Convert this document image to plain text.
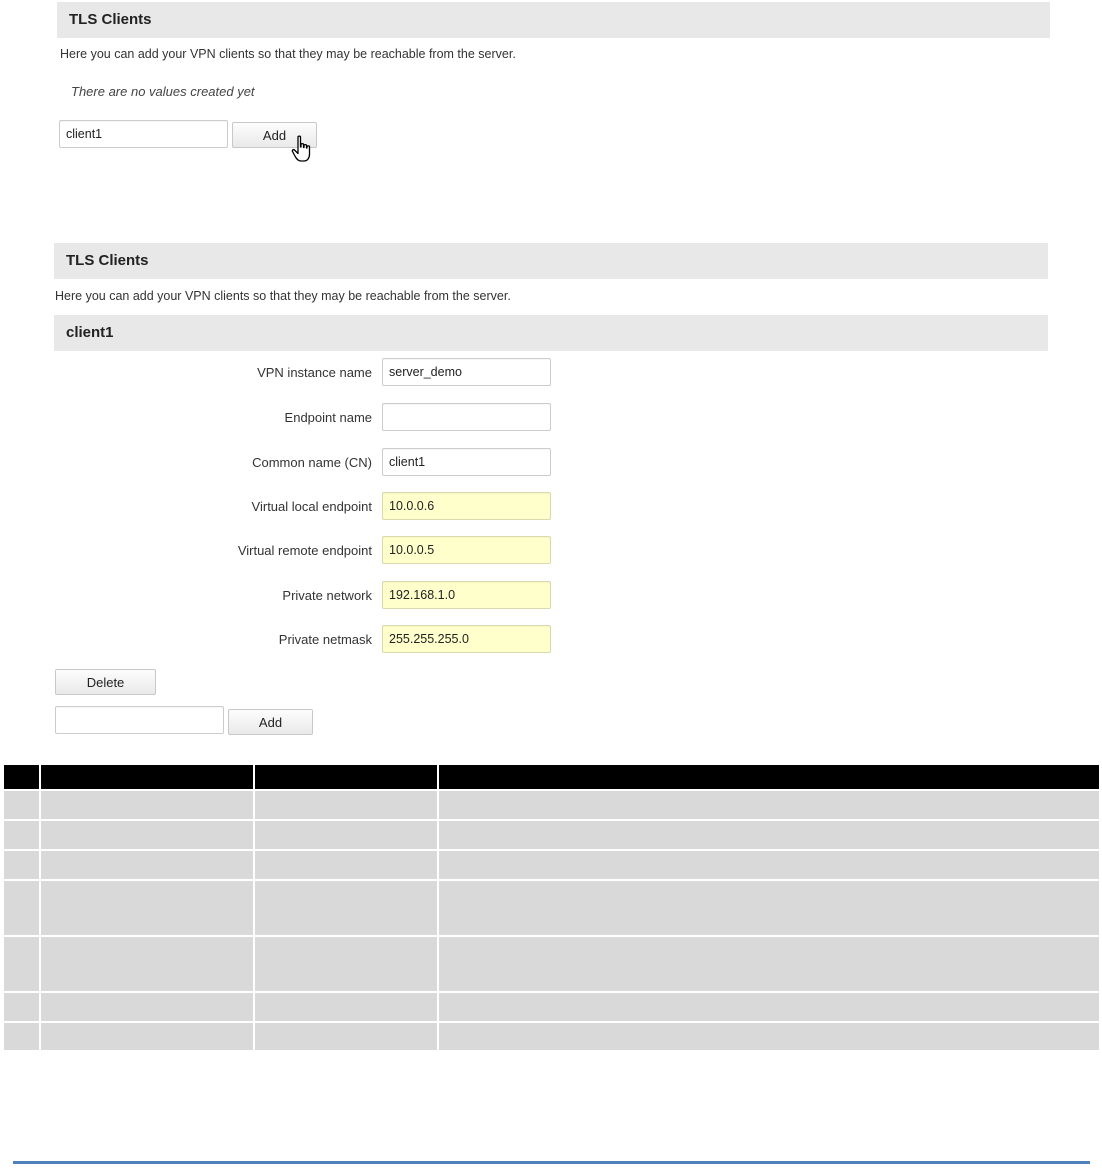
TLS Clients
Here you can add your VPN clients so that they may be reachable from the server.
There are no values created yet
client1	Add
TLS Clients
Here you can add your VPN clients so that they may be reachable from the server.
client1
VPN instance name	server_demo
Endpoint name
Common name (CN)	client1
Virtual local endpoint	10.0.0.6
Virtual remote endpoint	10.0.0.5
Private network	192.168.1.0
Private netmask	255.255.255.0
Delete
Add
